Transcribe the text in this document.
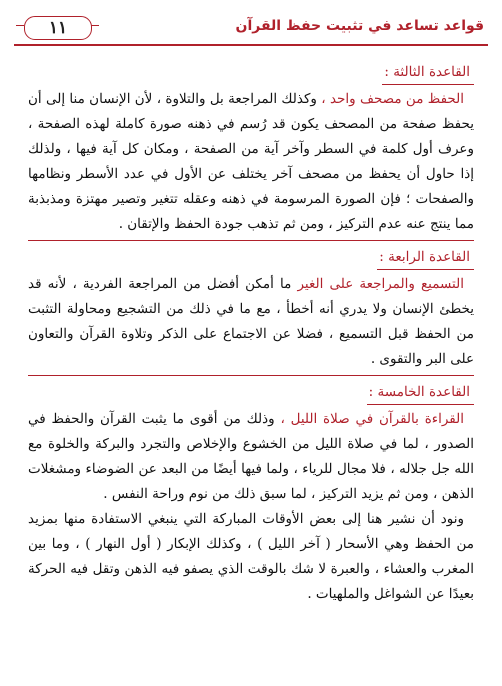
١١	قواعد تساعد في تثبيت حفظ القرآن
القاعدة الثالثة :

الحفظ من مصحف واحد ، وكذلك المراجعة بل والتلاوة ، لأن الإنسان منا إلى أن يحفظ صفحة من المصحف يكون قد رُسم في ذهنه صورة كاملة لهذه الصفحة ، وعرف أول كلمة في السطر وآخر آية من الصفحة ، ومكان كل آية فيها ، ولذلك إذا حاول أن يحفظ من مصحف آخر يختلف عن الأول في عدد الأسطر ونظامها والصفحات ؛ فإن الصورة المرسومة في ذهنه وعقله تتغير وتصير مهتزة ومذبذبة مما ينتج عنه عدم التركيز ، ومن ثم تذهب جودة الحفظ والإتقان .

القاعدة الرابعة :

التسميع والمراجعة على الغير ما أمكن أفضل من المراجعة الفردية ، لأنه قد يخطئ الإنسان ولا يدري أنه أخطأ ، مع ما في ذلك من التشجيع ومحاولة التثبت من الحفظ قبل التسميع ، فضلا عن الاجتماع على الذكر وتلاوة القرآن والتعاون على البر والتقوى .

القاعدة الخامسة :

القراءة بالقرآن في صلاة الليل ، وذلك من أقوى ما يثبت القرآن والحفظ في الصدور ، لما في صلاة الليل من الخشوع والإخلاص والتجرد والبركة والخلوة مع الله جل جلاله ، فلا مجال للرياء ، ولما فيها أيضًا من البعد عن الضوضاء ومشغلات الذهن ، ومن ثم يزيد التركيز ، لما سبق ذلك من نوم وراحة النفس .

ونود أن نشير هنا إلى بعض الأوقات المباركة التي ينبغي الاستفادة منها بمزيد من الحفظ وهي الأسحار ( آخر الليل ) ، وكذلك الإبكار ( أول النهار ) ، وما بين المغرب والعشاء ، والعبرة لا شك بالوقت الذي يصفو فيه الذهن وتقل فيه الحركة بعيدًا عن الشواغل والملهيات .
